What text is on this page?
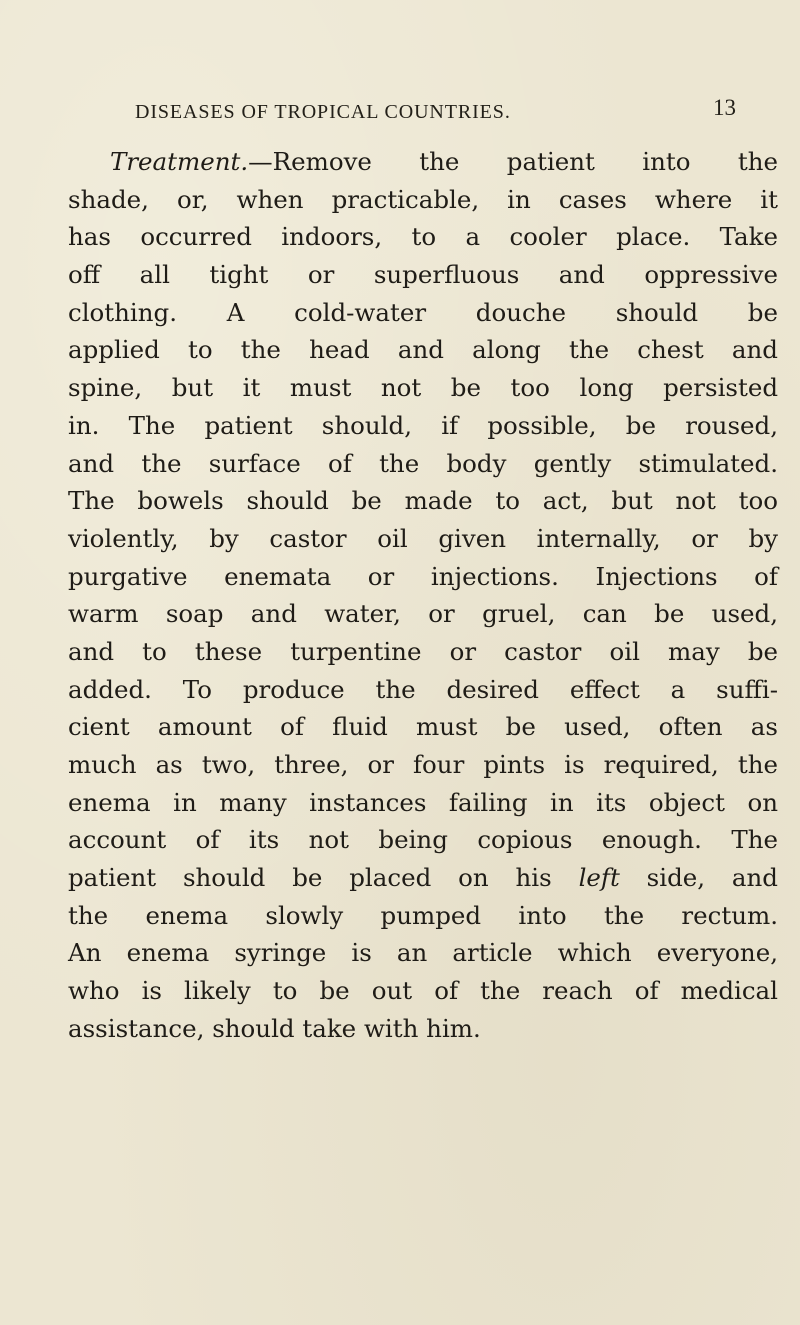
DISEASES OF TROPICAL COUNTRIES.	13
Treatment.—Remove the patient into the
shade, or, when practicable, in cases where it
has occurred indoors, to a cooler place. Take
off all tight or superfluous and oppressive
clothing. A cold-water douche should be
applied to the head and along the chest and
spine, but it must not be too long persisted
in. The patient should, if possible, be roused,
and the surface of the body gently stimulated.
The bowels should be made to act, but not too
violently, by castor oil given internally, or by
purgative enemata or injections. Injections of
warm soap and water, or gruel, can be used,
and to these turpentine or castor oil may be
added. To produce the desired effect a suffi-
cient amount of fluid must be used, often as
much as two, three, or four pints is required, the
enema in many instances failing in its object on
account of its not being copious enough. The
patient should be placed on his left side, and
the enema slowly pumped into the rectum.
An enema syringe is an article which everyone,
who is likely to be out of the reach of medical
assistance, should take with him.
